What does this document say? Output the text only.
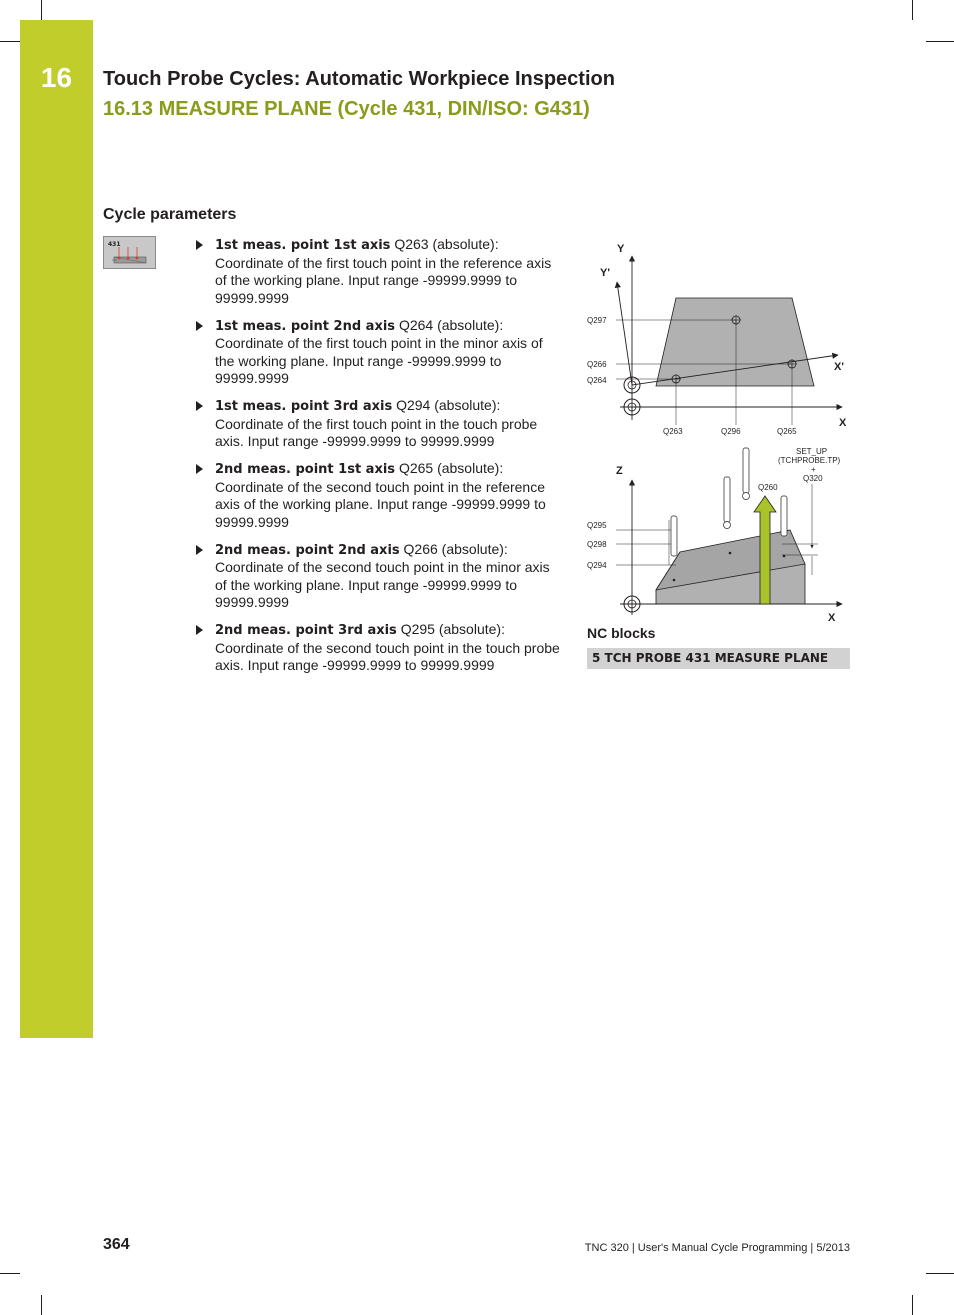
16	Touch Probe Cycles: Automatic Workpiece Inspection
16.13 MEASURE PLANE (Cycle 431, DIN/ISO: G431)
Cycle parameters
431	1st meas. point 1st axis Q263 (absolute):
Coordinate of the first touch point in the reference axis of the working plane. Input range -99999.9999 to 99999.9999
1st meas. point 2nd axis Q264 (absolute):
Coordinate of the first touch point in the minor axis of the working plane. Input range -99999.9999 to 99999.9999
1st meas. point 3rd axis Q294 (absolute):
Coordinate of the first touch point in the touch probe axis. Input range -99999.9999 to 99999.9999
2nd meas. point 1st axis Q265 (absolute):
Coordinate of the second touch point in the reference axis of the working plane. Input range -99999.9999 to 99999.9999
2nd meas. point 2nd axis Q266 (absolute):
Coordinate of the second touch point in the minor axis of the working plane. Input range -99999.9999 to 99999.9999
2nd meas. point 3rd axis Q295 (absolute):
Coordinate of the second touch point in the touch probe axis. Input range -99999.9999 to 99999.9999
Y
Y'
X
X'
Q297
Q266
Q264
Q263	Q296	Q265
Z
X
SET_UP
(TCHPROBE.TP)
+
Q320
Q260
Q295
Q298
Q294
NC blocks
5 TCH PROBE 431 MEASURE PLANE
364	TNC 320 | User's Manual Cycle Programming | 5/2013
